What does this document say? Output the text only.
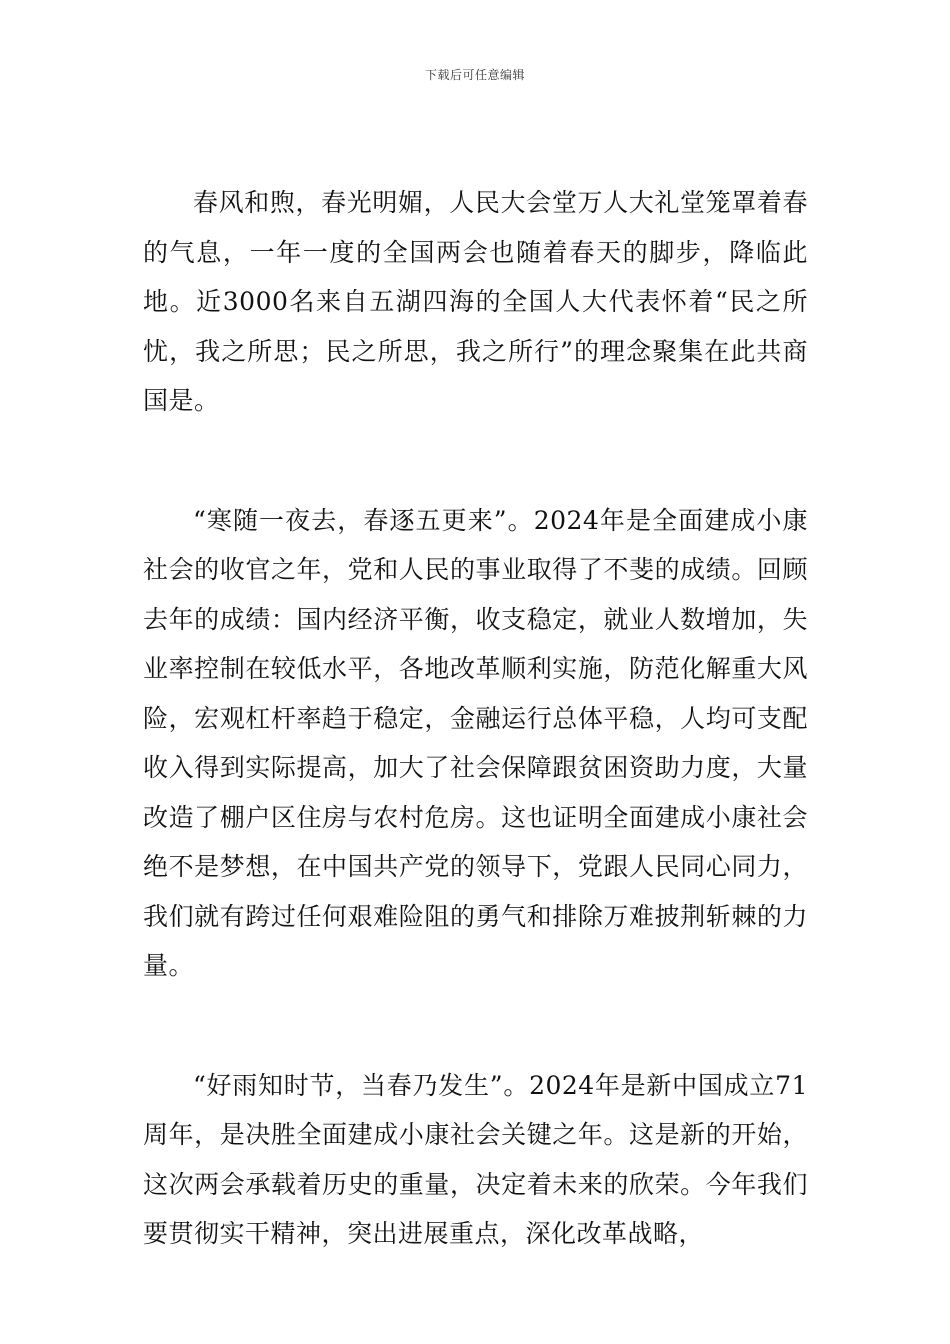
下载后可任意编辑

春风和煦，春光明媚，人民大会堂万人大礼堂笼罩着春的气息，一年一度的全国两会也随着春天的脚步，降临此地。近3000名来自五湖四海的全国人大代表怀着“民之所忧，我之所思；民之所思，我之所行”的理念聚集在此共商国是。

“寒随一夜去，春逐五更来”。2024年是全面建成小康社会的收官之年，党和人民的事业取得了不斐的成绩。回顾去年的成绩：国内经济平衡，收支稳定，就业人数增加，失业率控制在较低水平，各地改革顺利实施，防范化解重大风险，宏观杠杆率趋于稳定，金融运行总体平稳，人均可支配收入得到实际提高，加大了社会保障跟贫困资助力度，大量改造了棚户区住房与农村危房。这也证明全面建成小康社会绝不是梦想，在中国共产党的领导下，党跟人民同心同力，我们就有跨过任何艰难险阻的勇气和排除万难披荆斩棘的力量。

“好雨知时节，当春乃发生”。2024年是新中国成立71周年，是决胜全面建成小康社会关键之年。这是新的开始，这次两会承载着历史的重量，决定着未来的欣荣。今年我们要贯彻实干精神，突出进展重点，深化改革战略，
